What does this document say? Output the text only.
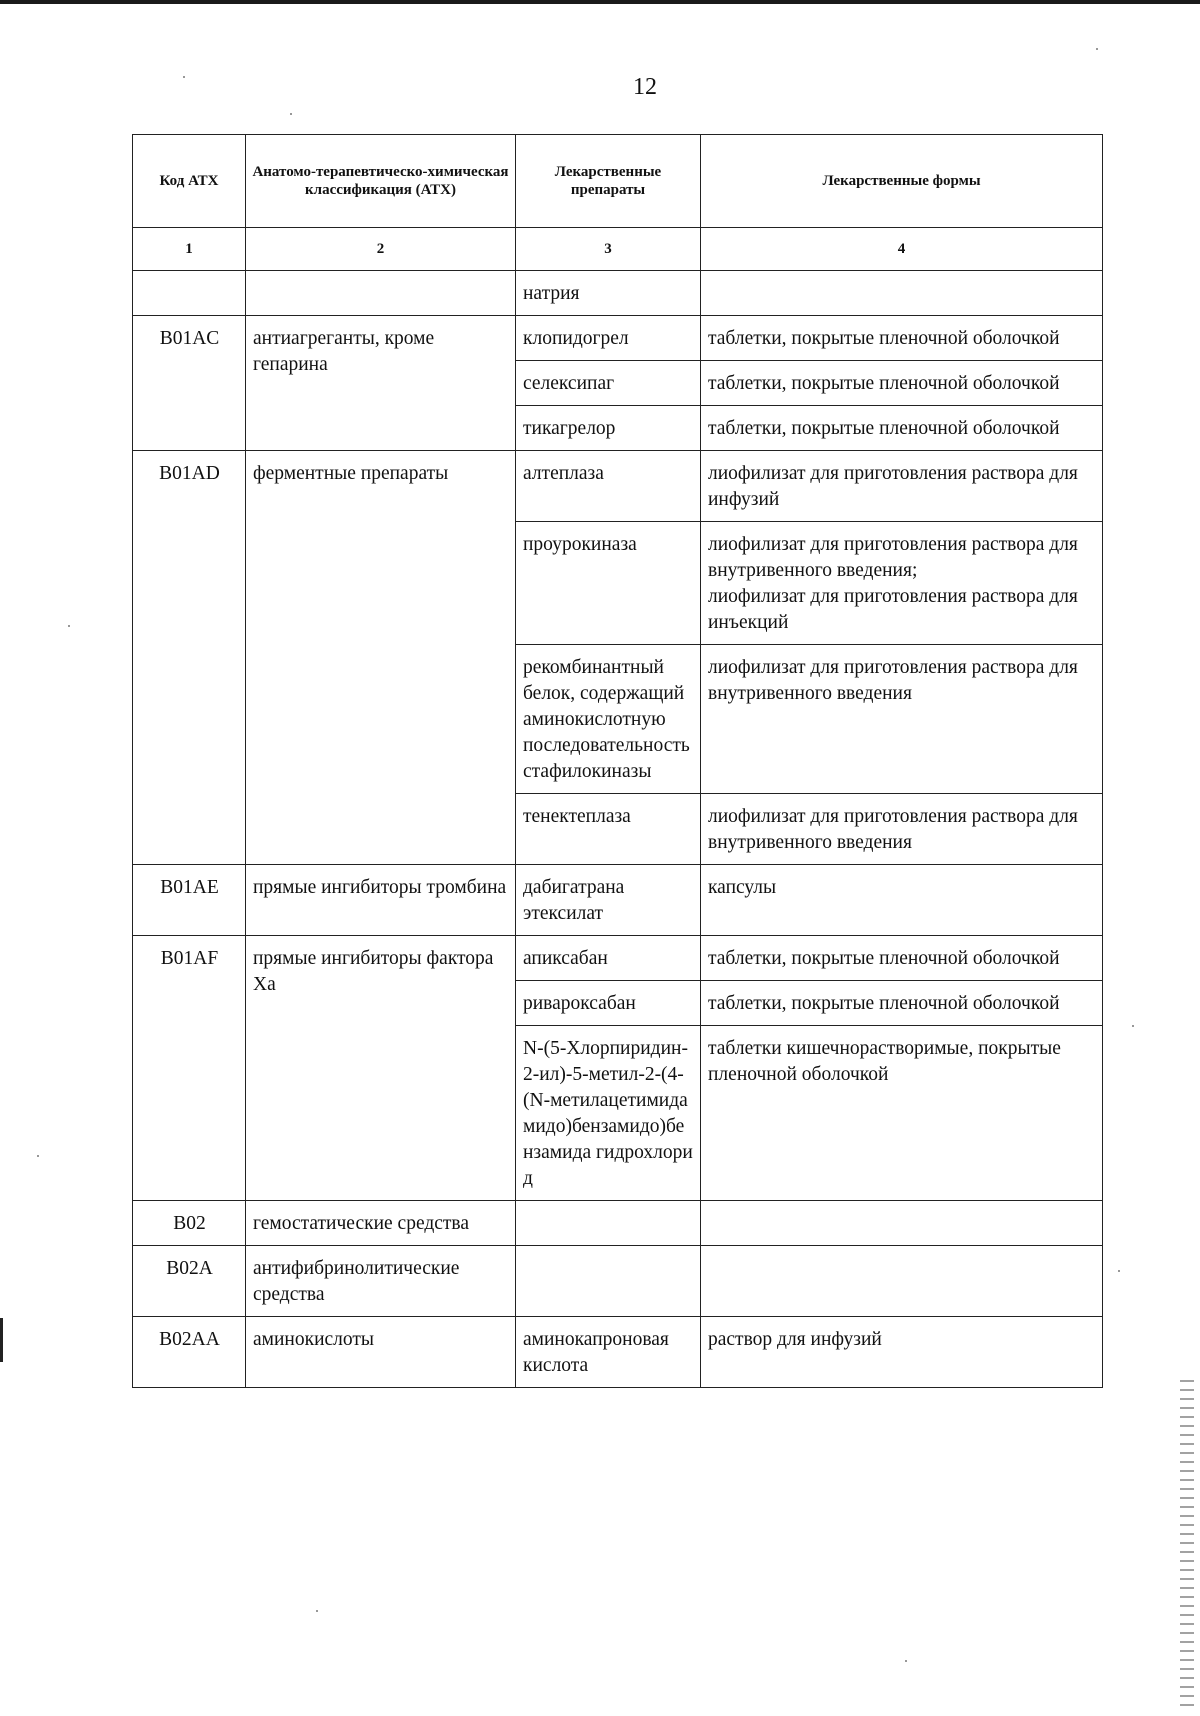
12
Код АТХ	Анатомо-терапевтическо-химическая классификация (АТХ)	Лекарственные препараты	Лекарственные формы
1	2	3	4
		натрия	
B01AC	антиагреганты, кроме гепарина	клопидогрел	таблетки, покрытые пленочной оболочкой
		селексипаг	таблетки, покрытые пленочной оболочкой
		тикагрелор	таблетки, покрытые пленочной оболочкой
B01AD	ферментные препараты	алтеплаза	лиофилизат для приготовления раствора для инфузий
		проурокиназа	лиофилизат для приготовления раствора для внутривенного введения;
лиофилизат для приготовления раствора для инъекций

		рекомбинантный белок, содержащий аминокислотную последовательность стафилокиназы	лиофилизат для приготовления раствора для внутривенного введения
		тенектеплаза	лиофилизат для приготовления раствора для внутривенного введения
B01AE	прямые ингибиторы тромбина	дабигатрана этексилат	капсулы
B01AF	прямые ингибиторы фактора Xa	апиксабан	таблетки, покрытые пленочной оболочкой
		ривароксабан	таблетки, покрытые пленочной оболочкой
		N-(5-Хлорпиридин-2-ил)-5-метил-2-(4-(N-метилацетимидамидо)бензамидо)бензамида гидрохлорид	таблетки кишечнорастворимые, покрытые пленочной оболочкой
B02	гемостатические средства		
B02A	антифибринолитические средства		
B02AA	аминокислоты	аминокапроновая кислота	раствор для инфузий
